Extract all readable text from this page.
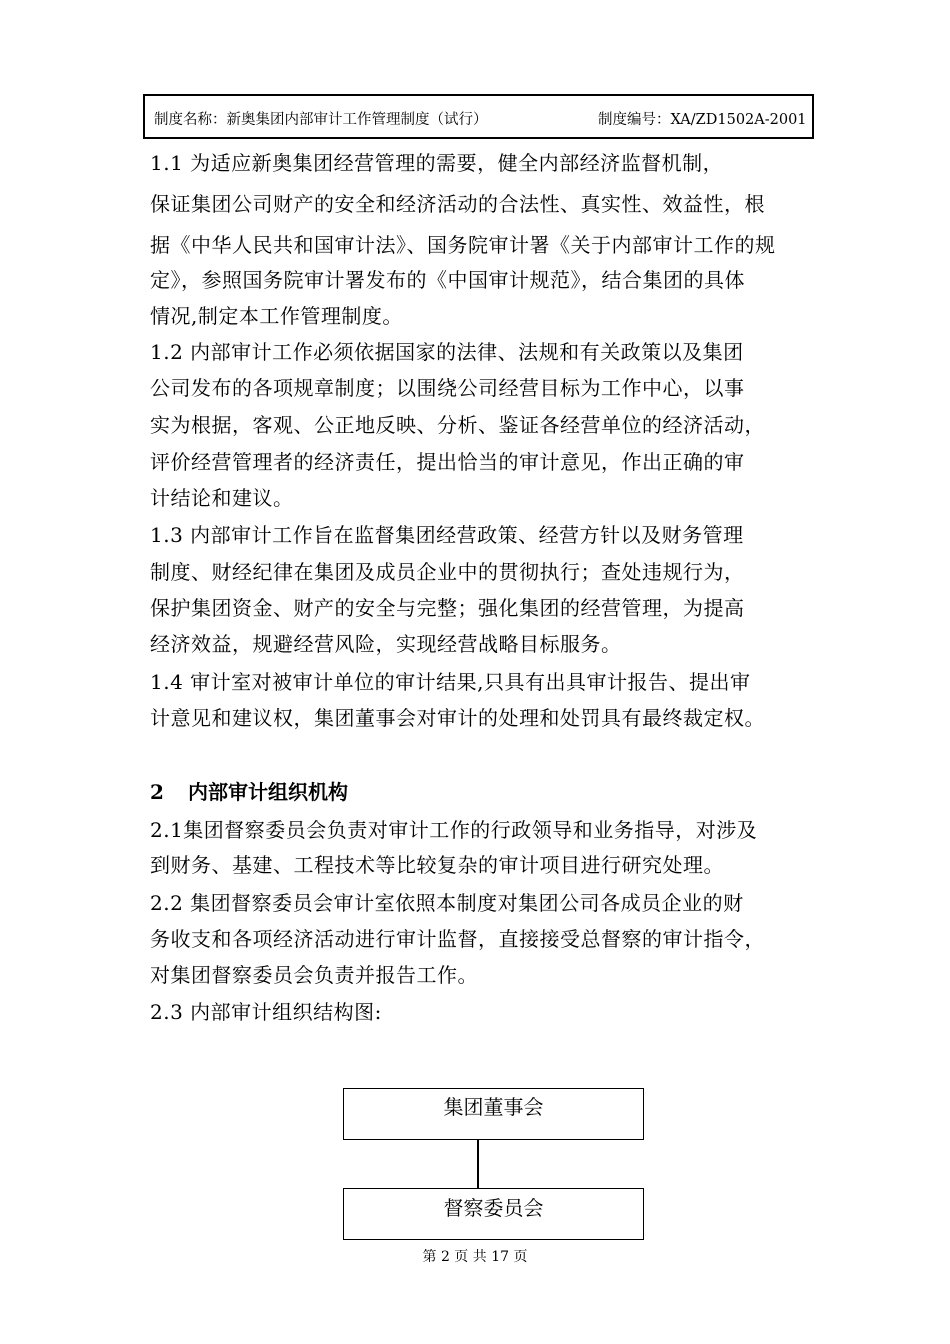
制度名称：新奥集团内部审计工作管理制度（试行）	制度编号：XA/ZD1502A-2001
1.1 为适应新奥集团经营管理的需要，健全内部经济监督机制，
保证集团公司财产的安全和经济活动的合法性、真实性、效益性，根
据《中华人民共和国审计法》、国务院审计署《关于内部审计工作的规
定》，参照国务院审计署发布的《中国审计规范》，结合集团的具体
情况,制定本工作管理制度。
1.2 内部审计工作必须依据国家的法律、法规和有关政策以及集团
公司发布的各项规章制度；以围绕公司经营目标为工作中心，以事
实为根据，客观、公正地反映、分析、鉴证各经营单位的经济活动，
评价经营管理者的经济责任，提出恰当的审计意见，作出正确的审
计结论和建议。
1.3 内部审计工作旨在监督集团经营政策、经营方针以及财务管理
制度、财经纪律在集团及成员企业中的贯彻执行；查处违规行为，
保护集团资金、财产的安全与完整；强化集团的经营管理，为提高
经济效益，规避经营风险，实现经营战略目标服务。
1.4 审计室对被审计单位的审计结果,只具有出具审计报告、提出审
计意见和建议权，集团董事会对审计的处理和处罚具有最终裁定权。
2 内部审计组织机构
2.1集团督察委员会负责对审计工作的行政领导和业务指导，对涉及
到财务、基建、工程技术等比较复杂的审计项目进行研究处理。
2.2 集团督察委员会审计室依照本制度对集团公司各成员企业的财
务收支和各项经济活动进行审计监督，直接接受总督察的审计指令，
对集团督察委员会负责并报告工作。
2.3 内部审计组织结构图:
集团董事会
督察委员会
第 2 页 共 17 页
